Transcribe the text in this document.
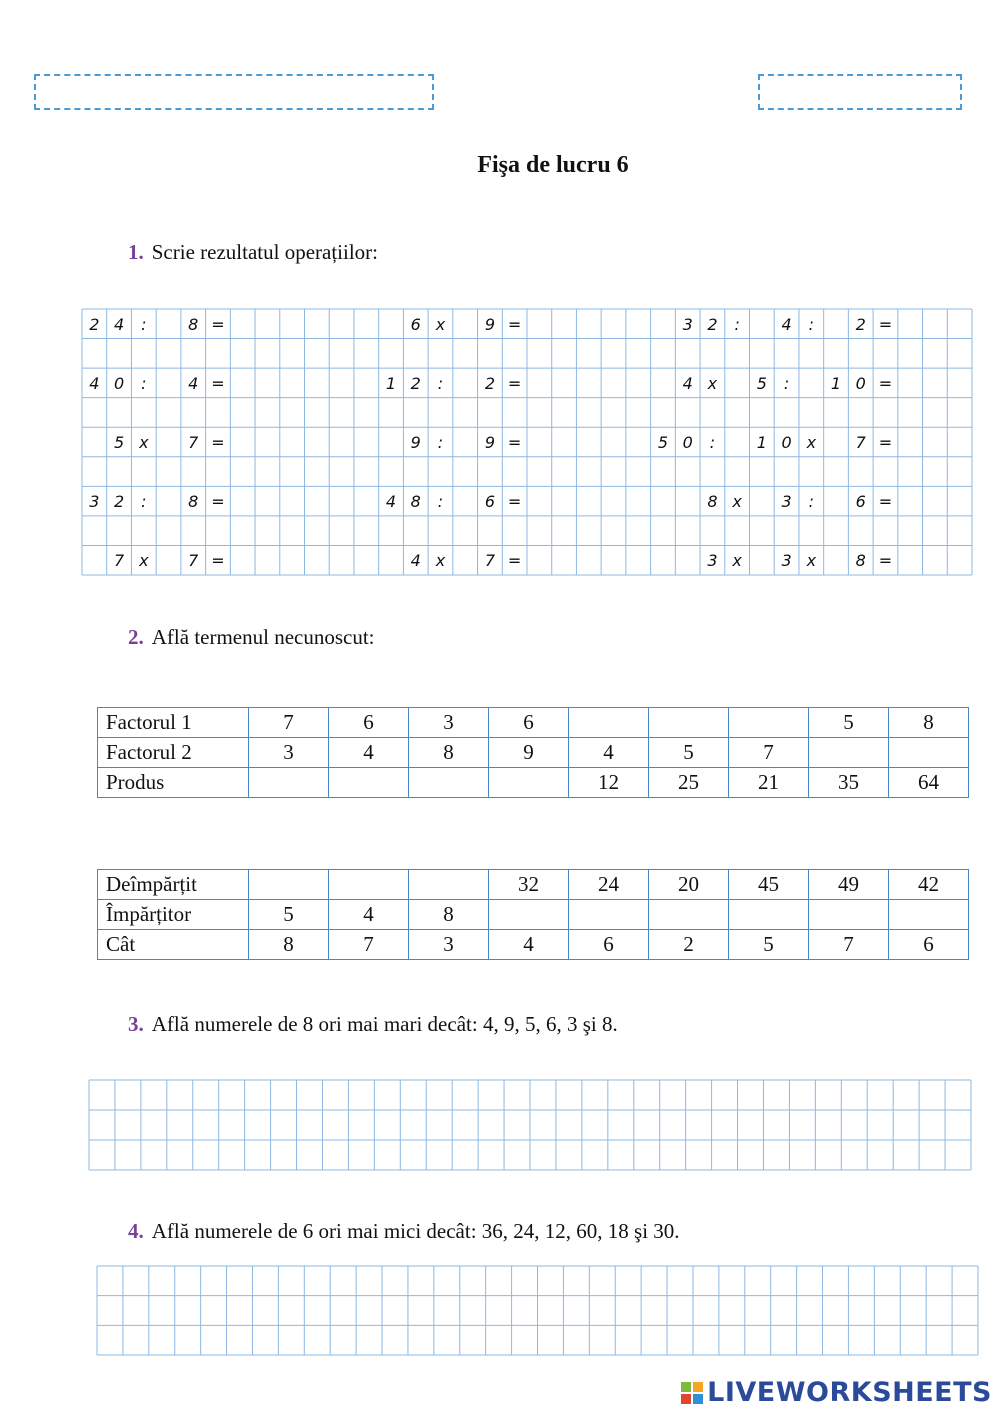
Fişa de lucru 6
1. Scrie rezultatul operațiilor:
2 4 :	8 =	6 x 9 =	3 2 :	4 :	2 =
4 0 :	4 =	1 2 :	2 =	4 x 5 :	1 0 =
5 x 7 =	9 :	9 =	5 0 :	1 0 x 7 =
3 2 :	8 =	4 8 :	6 =	8 x 3 :	6 =
7 x 7 =	4 x 7 =	3 x 3 x 8 =
2. Află termenul necunoscut:
Factorul 1	7	6	3	6				5	8
Factorul 2	3	4	8	9	4	5	7		
Produs					12	25	21	35	64
Deîmpărțit				32	24	20	45	49	42
Împărțitor	5	4	8						
Cât	8	7	3	4	6	2	5	7	6
3. Află numerele de 8 ori mai mari decât: 4, 9, 5, 6, 3 şi 8.
4. Află numerele de 6 ori mai mici decât: 36, 24, 12, 60, 18 şi 30.
LIVEWORKSHEETS
